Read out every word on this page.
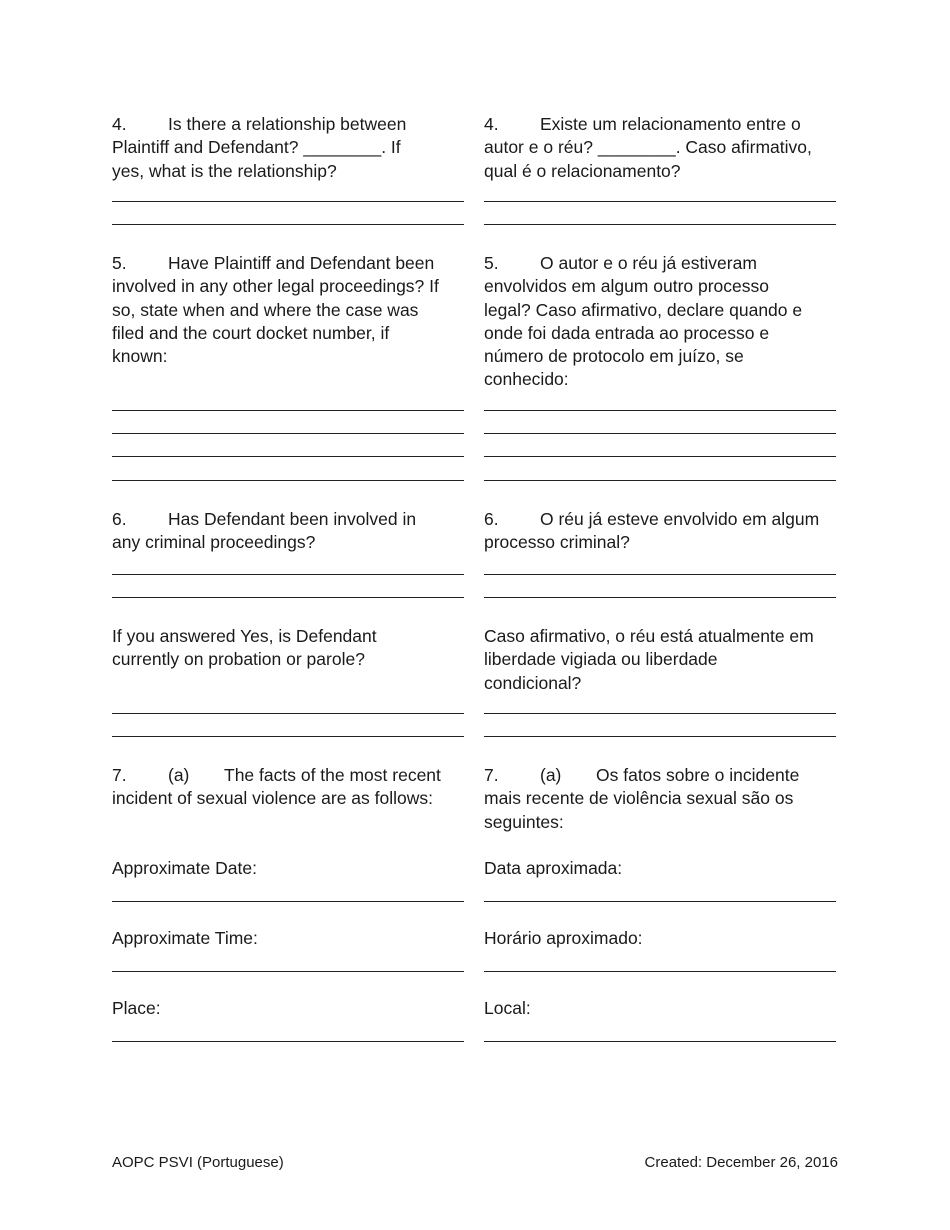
4. Is there a relationship between
Plaintiff and Defendant? ________. If
yes, what is the relationship?
5. Have Plaintiff and Defendant been
involved in any other legal proceedings? If
so, state when and where the case was
filed and the court docket number, if
known:
6. Has Defendant been involved in
any criminal proceedings?
If you answered Yes, is Defendant
currently on probation or parole?
7. (a) The facts of the most recent
incident of sexual violence are as follows:
Approximate Date:
Approximate Time:
Place:
4. Existe um relacionamento entre o
autor e o réu? ________. Caso afirmativo,
qual é o relacionamento?
5. O autor e o réu já estiveram
envolvidos em algum outro processo
legal? Caso afirmativo, declare quando e
onde foi dada entrada ao processo e
número de protocolo em juízo, se
conhecido:
6. O réu já esteve envolvido em algum
processo criminal?
Caso afirmativo, o réu está atualmente em
liberdade vigiada ou liberdade
condicional?
7. (a) Os fatos sobre o incidente
mais recente de violência sexual são os
seguintes:
Data aproximada:
Horário aproximado:
Local:
AOPC PSVI (Portuguese)	Created: December 26, 2016
